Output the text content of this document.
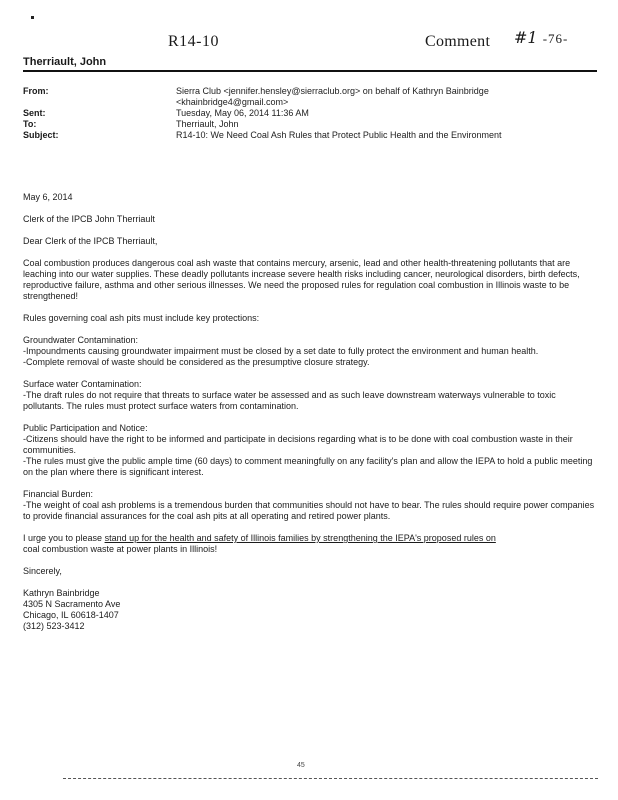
R14-10	Comment #1 -76-
Therriault, John
From:	Sierra Club <jennifer.hensley@sierraclub.org> on behalf of Kathryn Bainbridge
<khainbridge4@gmail.com>
Sent:	Tuesday, May 06, 2014 11:36 AM
To:	Therriault, John
Subject:	R14-10: We Need Coal Ash Rules that Protect Public Health and the Environment

May 6, 2014

Clerk of the IPCB John Therriault

Dear Clerk of the IPCB Therriault,

Coal combustion produces dangerous coal ash waste that contains mercury, arsenic, lead and other health-threatening pollutants that are leaching into our water supplies. These deadly pollutants increase severe health risks including cancer, neurological disorders, birth defects, reproductive failure, asthma and other serious illnesses. We need the proposed rules for regulation coal combustion in Illinois waste to be strengthened!

Rules governing coal ash pits must include key protections:

Groundwater Contamination:
-Impoundments causing groundwater impairment must be closed by a set date to fully protect the environment and human health.
-Complete removal of waste should be considered as the presumptive closure strategy.
Surface water Contamination:
-The draft rules do not require that threats to surface water be assessed and as such leave downstream waterways vulnerable to toxic pollutants. The rules must protect surface waters from contamination.
Public Participation and Notice:
-Citizens should have the right to be informed and participate in decisions regarding what is to be done with coal combustion waste in their communities.
-The rules must give the public ample time (60 days) to comment meaningfully on any facility's plan and allow the IEPA to hold a public meeting on the plan where there is significant interest.
Financial Burden:
-The weight of coal ash problems is a tremendous burden that communities should not have to bear. The rules should require power companies to provide financial assurances for the coal ash pits at all operating and retired power plants.

I urge you to please stand up for the health and safety of Illinois families by strengthening the IEPA's proposed rules on
coal combustion waste at power plants in Illinois!

Sincerely,

Kathryn Bainbridge
4305 N Sacramento Ave
Chicago, IL 60618-1407
(312) 523-3412
45
